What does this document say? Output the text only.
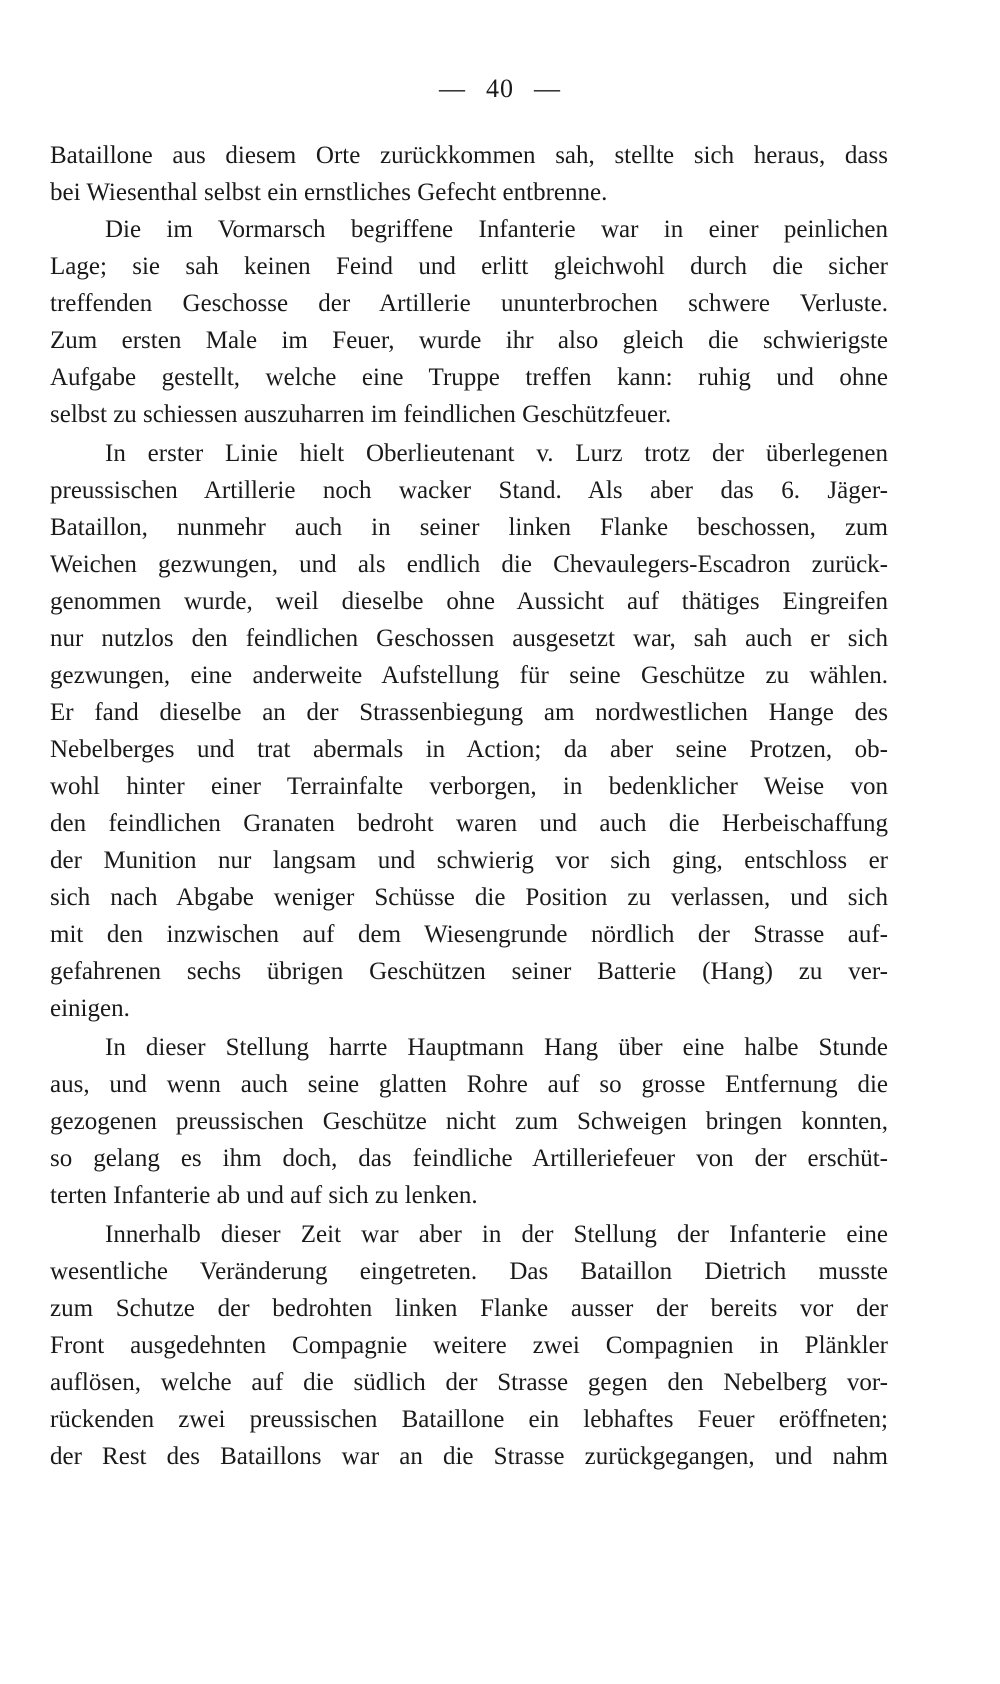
— 40 —
Bataillone aus diesem Orte zurückkommen sah, stellte sich heraus, dass
bei Wiesenthal selbst ein ernstliches Gefecht entbrenne.
Die im Vormarsch begriffene Infanterie war in einer peinlichen
Lage; sie sah keinen Feind und erlitt gleichwohl durch die sicher
treffenden Geschosse der Artillerie ununterbrochen schwere Verluste.
Zum ersten Male im Feuer, wurde ihr also gleich die schwierigste
Aufgabe gestellt, welche eine Truppe treffen kann: ruhig und ohne
selbst zu schiessen auszuharren im feindlichen Geschützfeuer.
In erster Linie hielt Oberlieutenant v. Lurz trotz der überlegenen
preussischen Artillerie noch wacker Stand. Als aber das 6. Jäger-
Bataillon, nunmehr auch in seiner linken Flanke beschossen, zum
Weichen gezwungen, und als endlich die Chevaulegers-Escadron zurück-
genommen wurde, weil dieselbe ohne Aussicht auf thätiges Eingreifen
nur nutzlos den feindlichen Geschossen ausgesetzt war, sah auch er sich
gezwungen, eine anderweite Aufstellung für seine Geschütze zu wählen.
Er fand dieselbe an der Strassenbiegung am nordwestlichen Hange des
Nebelberges und trat abermals in Action; da aber seine Protzen, ob-
wohl hinter einer Terrainfalte verborgen, in bedenklicher Weise von
den feindlichen Granaten bedroht waren und auch die Herbeischaffung
der Munition nur langsam und schwierig vor sich ging, entschloss er
sich nach Abgabe weniger Schüsse die Position zu verlassen, und sich
mit den inzwischen auf dem Wiesengrunde nördlich der Strasse auf-
gefahrenen sechs übrigen Geschützen seiner Batterie (Hang) zu ver-
einigen.
In dieser Stellung harrte Hauptmann Hang über eine halbe Stunde
aus, und wenn auch seine glatten Rohre auf so grosse Entfernung die
gezogenen preussischen Geschütze nicht zum Schweigen bringen konnten,
so gelang es ihm doch, das feindliche Artilleriefeuer von der erschüt-
terten Infanterie ab und auf sich zu lenken.
Innerhalb dieser Zeit war aber in der Stellung der Infanterie eine
wesentliche Veränderung eingetreten. Das Bataillon Dietrich musste
zum Schutze der bedrohten linken Flanke ausser der bereits vor der
Front ausgedehnten Compagnie weitere zwei Compagnien in Plänkler
auflösen, welche auf die südlich der Strasse gegen den Nebelberg vor-
rückenden zwei preussischen Bataillone ein lebhaftes Feuer eröffneten;
der Rest des Bataillons war an die Strasse zurückgegangen, und nahm
